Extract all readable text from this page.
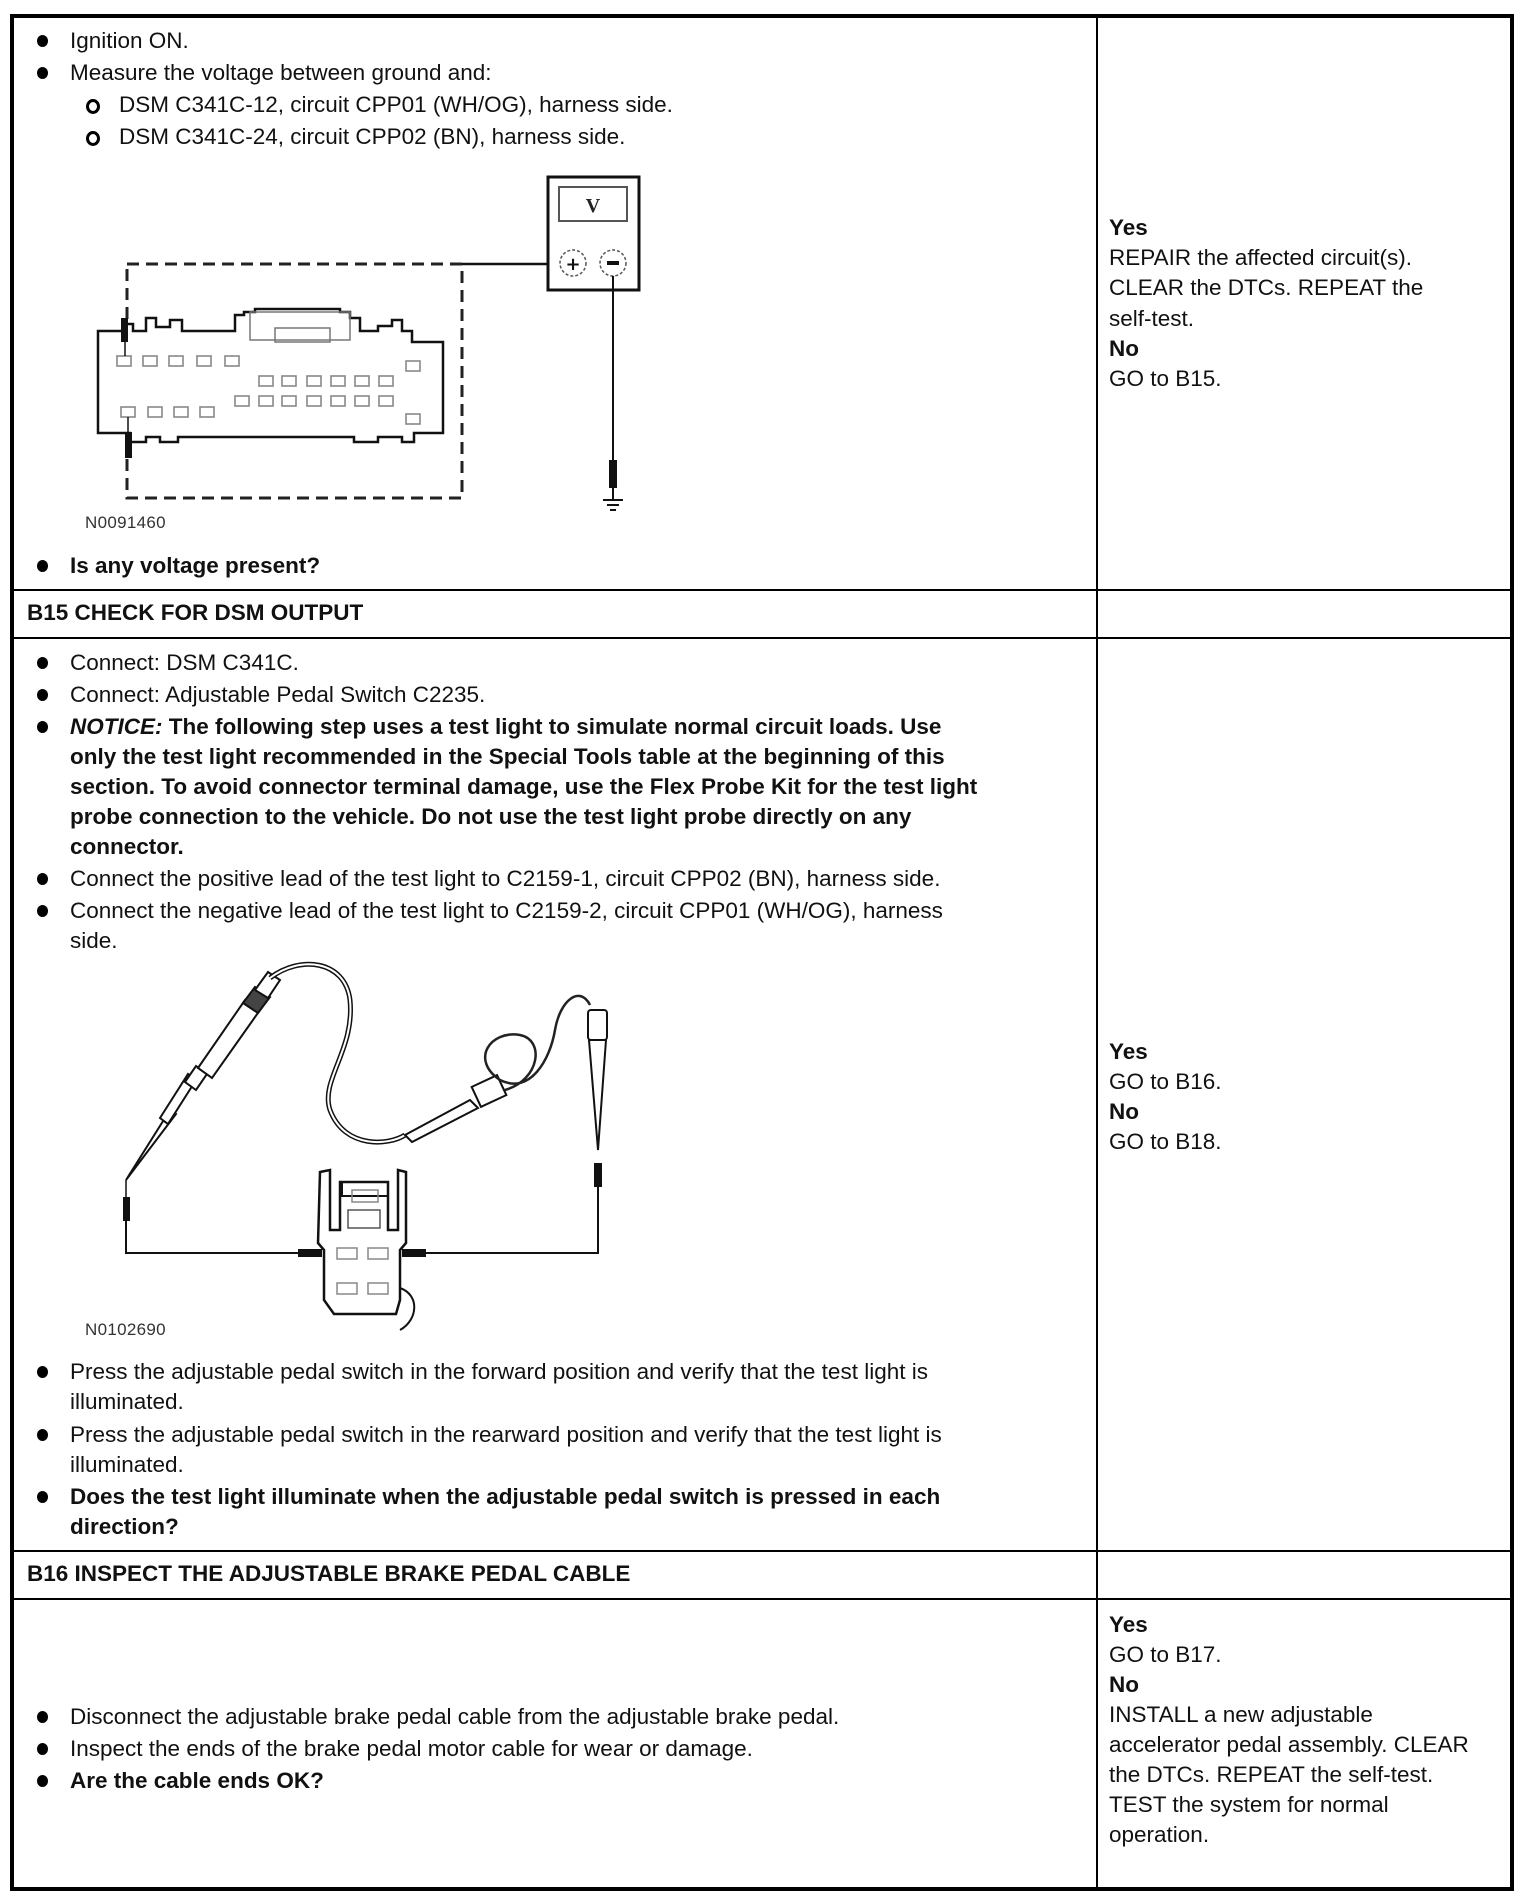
Ignition ON.
Measure the voltage between ground and:
DSM C341C-12, circuit CPP01 (WH/OG), harness side.
DSM C341C-24, circuit CPP02 (BN), harness side.
V
+
N0091460
Is any voltage present?
Yes
REPAIR the affected circuit(s).
CLEAR the DTCs. REPEAT the
self-test.
No
GO to B15.
B15 CHECK FOR DSM OUTPUT
Connect: DSM C341C.
Connect: Adjustable Pedal Switch C2235.
NOTICE: The following step uses a test light to simulate normal circuit loads. Use
only the test light recommended in the Special Tools table at the beginning of this
section. To avoid connector terminal damage, use the Flex Probe Kit for the test light
probe connection to the vehicle. Do not use the test light probe directly on any
connector.
Connect the positive lead of the test light to C2159-1, circuit CPP02 (BN), harness side.
Connect the negative lead of the test light to C2159-2, circuit CPP01 (WH/OG), harness
side.
N0102690
Press the adjustable pedal switch in the forward position and verify that the test light is
illuminated.
Press the adjustable pedal switch in the rearward position and verify that the test light is
illuminated.
Does the test light illuminate when the adjustable pedal switch is pressed in each
direction?
Yes
GO to B16.
No
GO to B18.
B16 INSPECT THE ADJUSTABLE BRAKE PEDAL CABLE
Disconnect the adjustable brake pedal cable from the adjustable brake pedal.
Inspect the ends of the brake pedal motor cable for wear or damage.
Are the cable ends OK?
Yes
GO to B17.
No
INSTALL a new adjustable
accelerator pedal assembly. CLEAR
the DTCs. REPEAT the self-test.
TEST the system for normal
operation.
